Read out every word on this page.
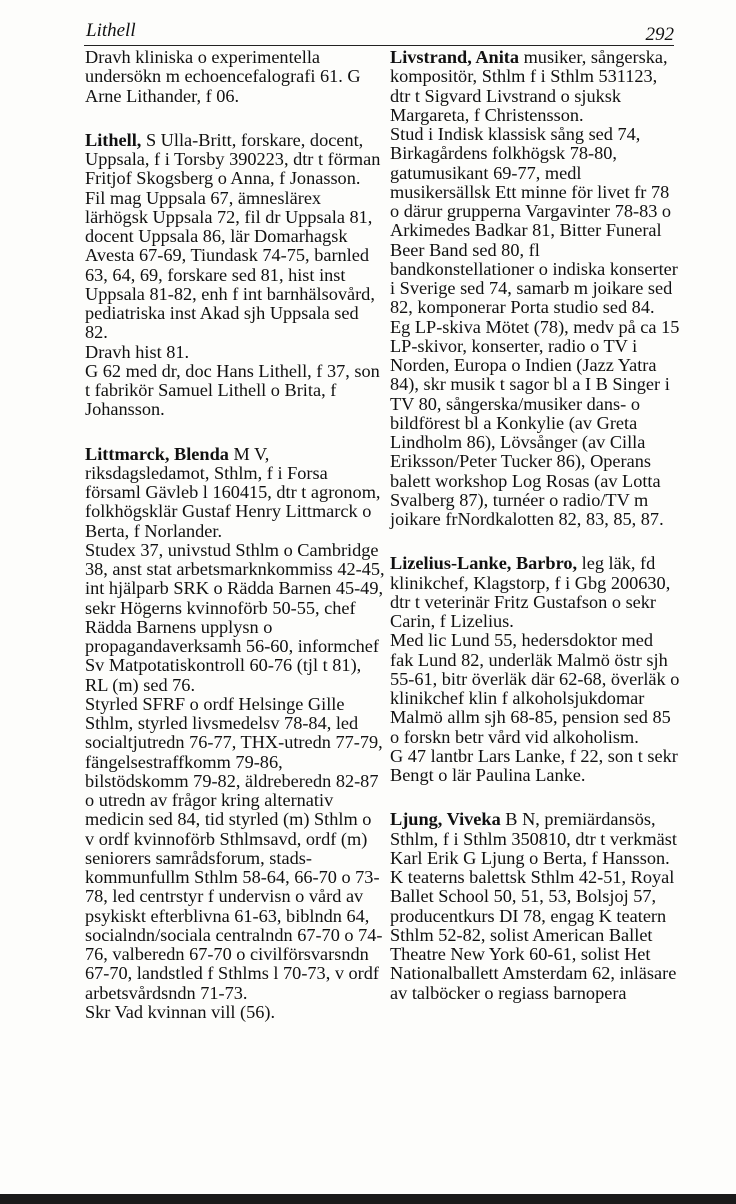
Lithell	292

Dravh kliniska o experimentella undersökn m echoencefalografi 61. G Arne Lithander, f 06.

Lithell, S Ulla-Britt, forskare, docent, Uppsala, f i Torsby 390223, dtr t förman Fritjof Skogsberg o Anna, f Jonasson.

Fil mag Uppsala 67, ämneslärex lärhögsk Uppsala 72, fil dr Uppsala 81, docent Uppsala 86, lär Domarhagsk Avesta 67-69, Tiundask 74-75, barnled 63, 64, 69, forskare sed 81, hist inst Uppsala 81-82, enh f int barnhälsovård, pediatriska inst Akad sjh Uppsala sed 82.

Dravh hist 81.

G 62 med dr, doc Hans Lithell, f 37, son t fabrikör Samuel Lithell o Brita, f Johansson.

Littmarck, Blenda M V, riksdagsledamot, Sthlm, f i Forsa församl Gävleb l 160415, dtr t agronom, folkhögsklär Gustaf Henry Littmarck o Berta, f Norlander.

Studex 37, univstud Sthlm o Cambridge 38, anst stat arbetsmarknkommiss 42-45, int hjälparb SRK o Rädda Barnen 45-49, sekr Högerns kvinnoförb 50-55, chef Rädda Barnens upplysn o propagandaverksamh 56-60, informchef Sv Matpotatiskontroll 60-76 (tjl t 81), RL (m) sed 76.

Styrled SFRF o ordf Helsinge Gille Sthlm, styrled livsmedelsv 78-84, led socialtjutredn 76-77, THX-utredn 77-79, fängelsestraffkomm 79-86, bilstödskomm 79-82, äldreberedn 82-87 o utredn av frågor kring alternativ medicin sed 84, tid styrled (m) Sthlm o v ordf kvinnoförb Sthlmsavd, ordf (m) seniorers samrådsforum, stads-kommunfullm Sthlm 58-64, 66-70 o 73-78, led centrstyr f undervisn o vård av psykiskt efterblivna 61-63, biblndn 64, socialndn/sociala centralndn 67-70 o 74-76, valberedn 67-70 o civilförsvarsndn 67-70, landstled f Sthlms l 70-73, v ordf arbetsvårdsndn 71-73.

Skr Vad kvinnan vill (56).

Livstrand, Anita musiker, sångerska, kompositör, Sthlm f i Sthlm 531123, dtr t Sigvard Livstrand o sjuksk Margareta, f Christensson.

Stud i Indisk klassisk sång sed 74, Birkagårdens folkhögsk 78-80, gatumusikant 69-77, medl musikersällsk Ett minne för livet fr 78 o därur grupperna Vargavinter 78-83 o Arkimedes Badkar 81, Bitter Funeral Beer Band sed 80, fl bandkonstellationer o indiska konserter i Sverige sed 74, samarb m joikare sed 82, komponerar Porta studio sed 84.

Eg LP-skiva Mötet (78), medv på ca 15 LP-skivor, konserter, radio o TV i Norden, Europa o Indien (Jazz Yatra 84), skr musik t sagor bl a I B Singer i TV 80, sångerska/musiker dans- o bildförest bl a Konkylie (av Greta Lindholm 86), Lövsånger (av Cilla Eriksson/Peter Tucker 86), Operans balett workshop Log Rosas (av Lotta Svalberg 87), turnéer o radio/TV m joikare frNordkalotten 82, 83, 85, 87.

Lizelius-Lanke, Barbro, leg läk, fd klinikchef, Klagstorp, f i Gbg 200630, dtr t veterinär Fritz Gustafson o sekr Carin, f Lizelius.

Med lic Lund 55, hedersdoktor med fak Lund 82, underläk Malmö östr sjh 55-61, bitr överläk där 62-68, överläk o klinikchef klin f alkoholsjukdomar Malmö allm sjh 68-85, pension sed 85 o forskn betr vård vid alkoholism.

G 47 lantbr Lars Lanke, f 22, son t sekr Bengt o lär Paulina Lanke.

Ljung, Viveka B N, premiärdansös, Sthlm, f i Sthlm 350810, dtr t verkmäst Karl Erik G Ljung o Berta, f Hansson.

K teaterns balettsk Sthlm 42-51, Royal Ballet School 50, 51, 53, Bolsjoj 57, producentkurs DI 78, engag K teatern Sthlm 52-82, solist American Ballet Theatre New York 60-61, solist Het Nationalballett Amsterdam 62, inläsare av talböcker o regiass barnopera
